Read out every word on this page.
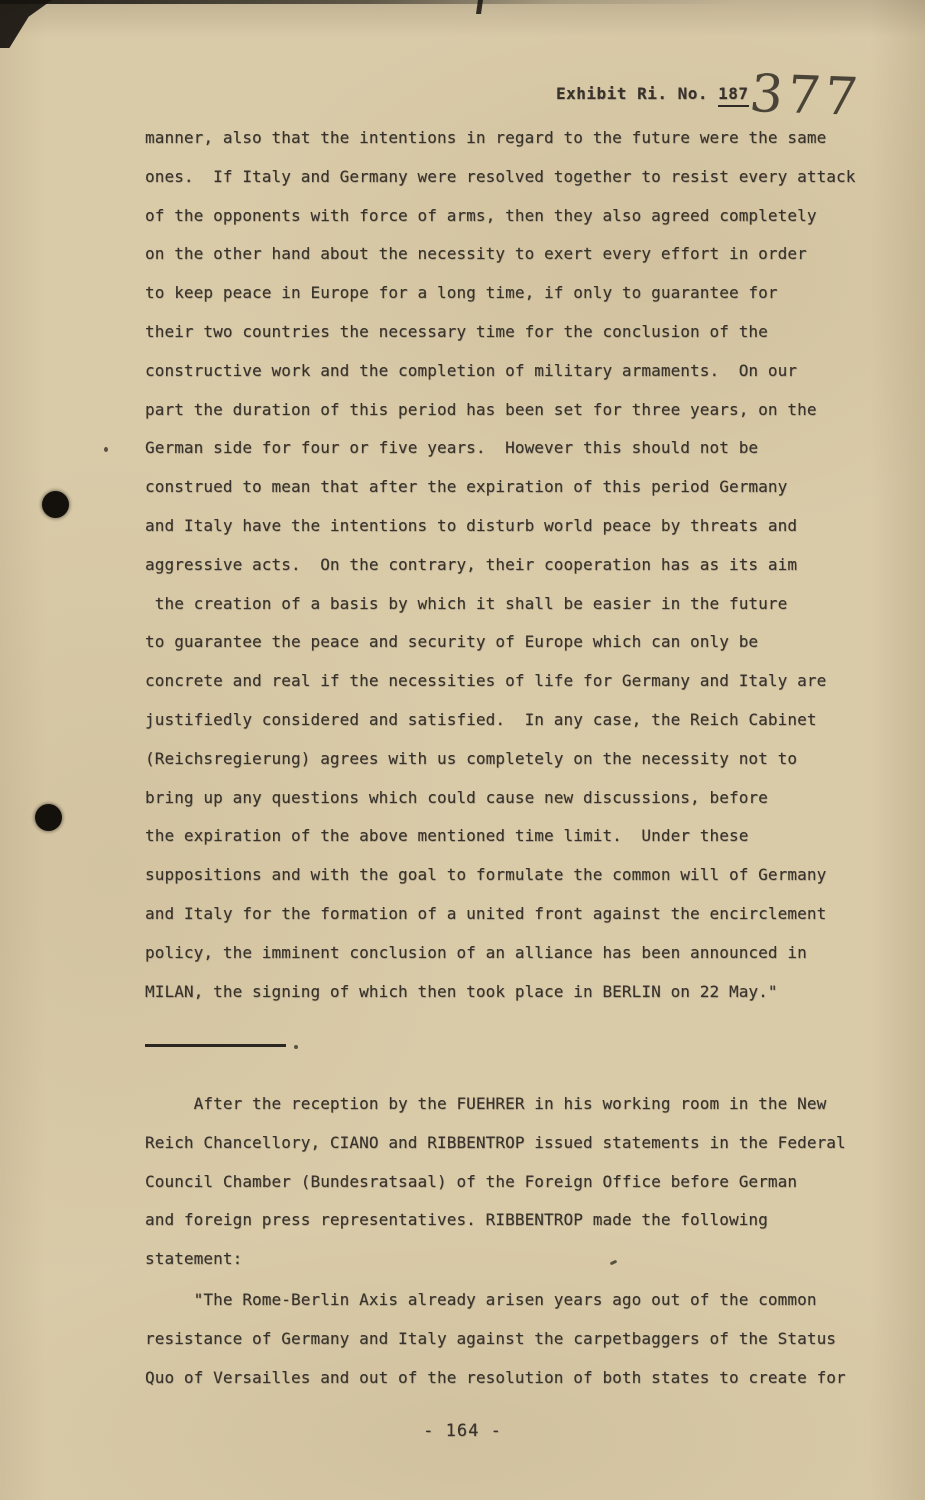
Exhibit Ri. No. 187
377
manner, also that the intentions in regard to the future were the same
ones.  If Italy and Germany were resolved together to resist every attack
of the opponents with force of arms, then they also agreed completely
on the other hand about the necessity to exert every effort in order
to keep peace in Europe for a long time, if only to guarantee for
their two countries the necessary time for the conclusion of the
constructive work and the completion of military armaments.  On our
part the duration of this period has been set for three years, on the
German side for four or five years.  However this should not be
construed to mean that after the expiration of this period Germany
and Italy have the intentions to disturb world peace by threats and
aggressive acts.  On the contrary, their cooperation has as its aim
the creation of a basis by which it shall be easier in the future
to guarantee the peace and security of Europe which can only be
concrete and real if the necessities of life for Germany and Italy are
justifiedly considered and satisfied.  In any case, the Reich Cabinet
(Reichsregierung) agrees with us completely on the necessity not to
bring up any questions which could cause new discussions, before
the expiration of the above mentioned time limit.  Under these
suppositions and with the goal to formulate the common will of Germany
and Italy for the formation of a united front against the encirclement
policy, the imminent conclusion of an alliance has been announced in
MILAN, the signing of which then took place in BERLIN on 22 May."
After the reception by the FUEHRER in his working room in the New
Reich Chancellory, CIANO and RIBBENTROP issued statements in the Federal
Council Chamber (Bundesratsaal) of the Foreign Office before German
and foreign press representatives. RIBBENTROP made the following
statement:
"The Rome-Berlin Axis already arisen years ago out of the common
resistance of Germany and Italy against the carpetbaggers of the Status
Quo of Versailles and out of the resolution of both states to create for
- 164 -
